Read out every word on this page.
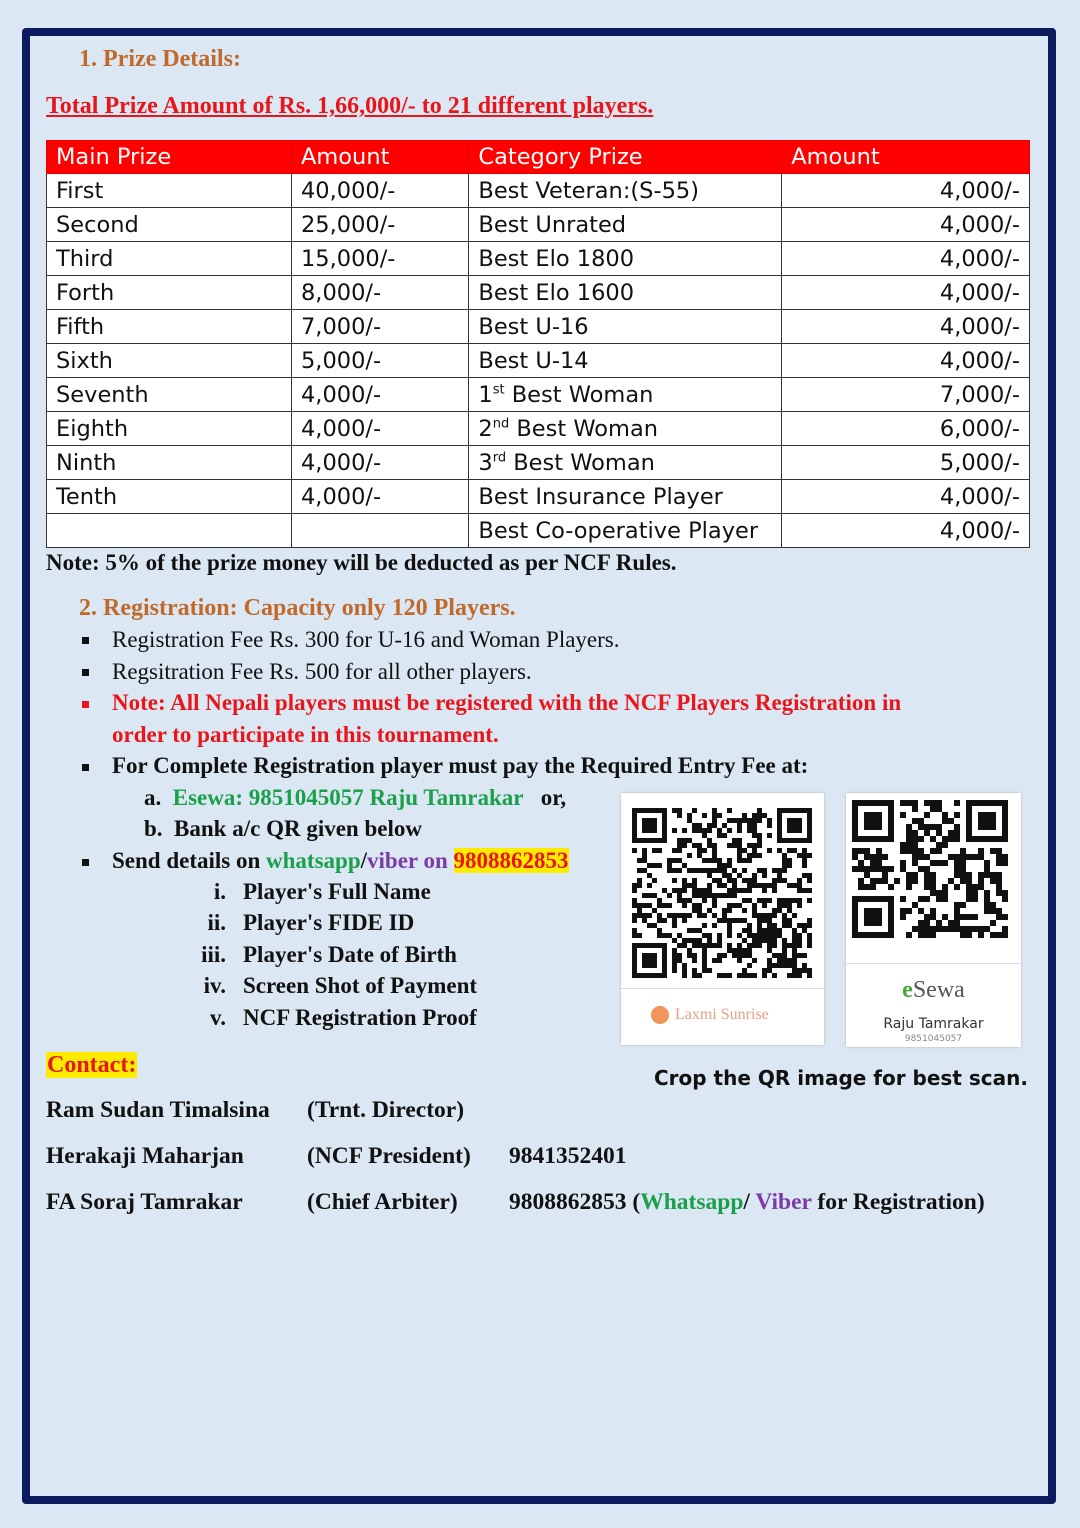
1. Prize Details:
Total Prize Amount of Rs. 1,66,000/- to 21 different players.
Main Prize	Amount	Category Prize	Amount
First	40,000/-	Best Veteran:(S-55)	4,000/-
Second	25,000/-	Best Unrated	4,000/-
Third	15,000/-	Best Elo 1800	4,000/-
Forth	8,000/-	Best Elo 1600	4,000/-
Fifth	7,000/-	Best U-16	4,000/-
Sixth	5,000/-	Best U-14	4,000/-
Seventh	4,000/-	1st Best Woman	7,000/-
Eighth	4,000/-	2nd Best Woman	6,000/-
Ninth	4,000/-	3rd Best Woman	5,000/-
Tenth	4,000/-	Best Insurance Player	4,000/-
		Best Co-operative Player	4,000/-
Note: 5% of the prize money will be deducted as per NCF Rules.
2. Registration: Capacity only 120 Players.
Registration Fee Rs. 300 for U-16 and Woman Players.
Regsitration Fee Rs. 500 for all other players.
Note: All Nepali players must be registered with the NCF Players Registration in
order to participate in this tournament.
For Complete Registration player must pay the Required Entry Fee at:
a. Esewa: 9851045057 Raju Tamrakar or,
b. Bank a/c QR given below
Send details on whatsapp/viber on 9808862853
i. Player's Full Name
ii. Player's FIDE ID
iii. Player's Date of Birth
iv. Screen Shot of Payment
v. NCF Registration Proof	Laxmi Sunrise
eSewa
Raju Tamrakar
9851045057
Crop the QR image for best scan.
Contact:
Ram Sudan Timalsina (Trnt. Director)
Herakaji Maharjan	(NCF President) 9841352401
FA Soraj Tamrakar	(Chief Arbiter) 9808862853 (Whatsapp/ Viber for Registration)
